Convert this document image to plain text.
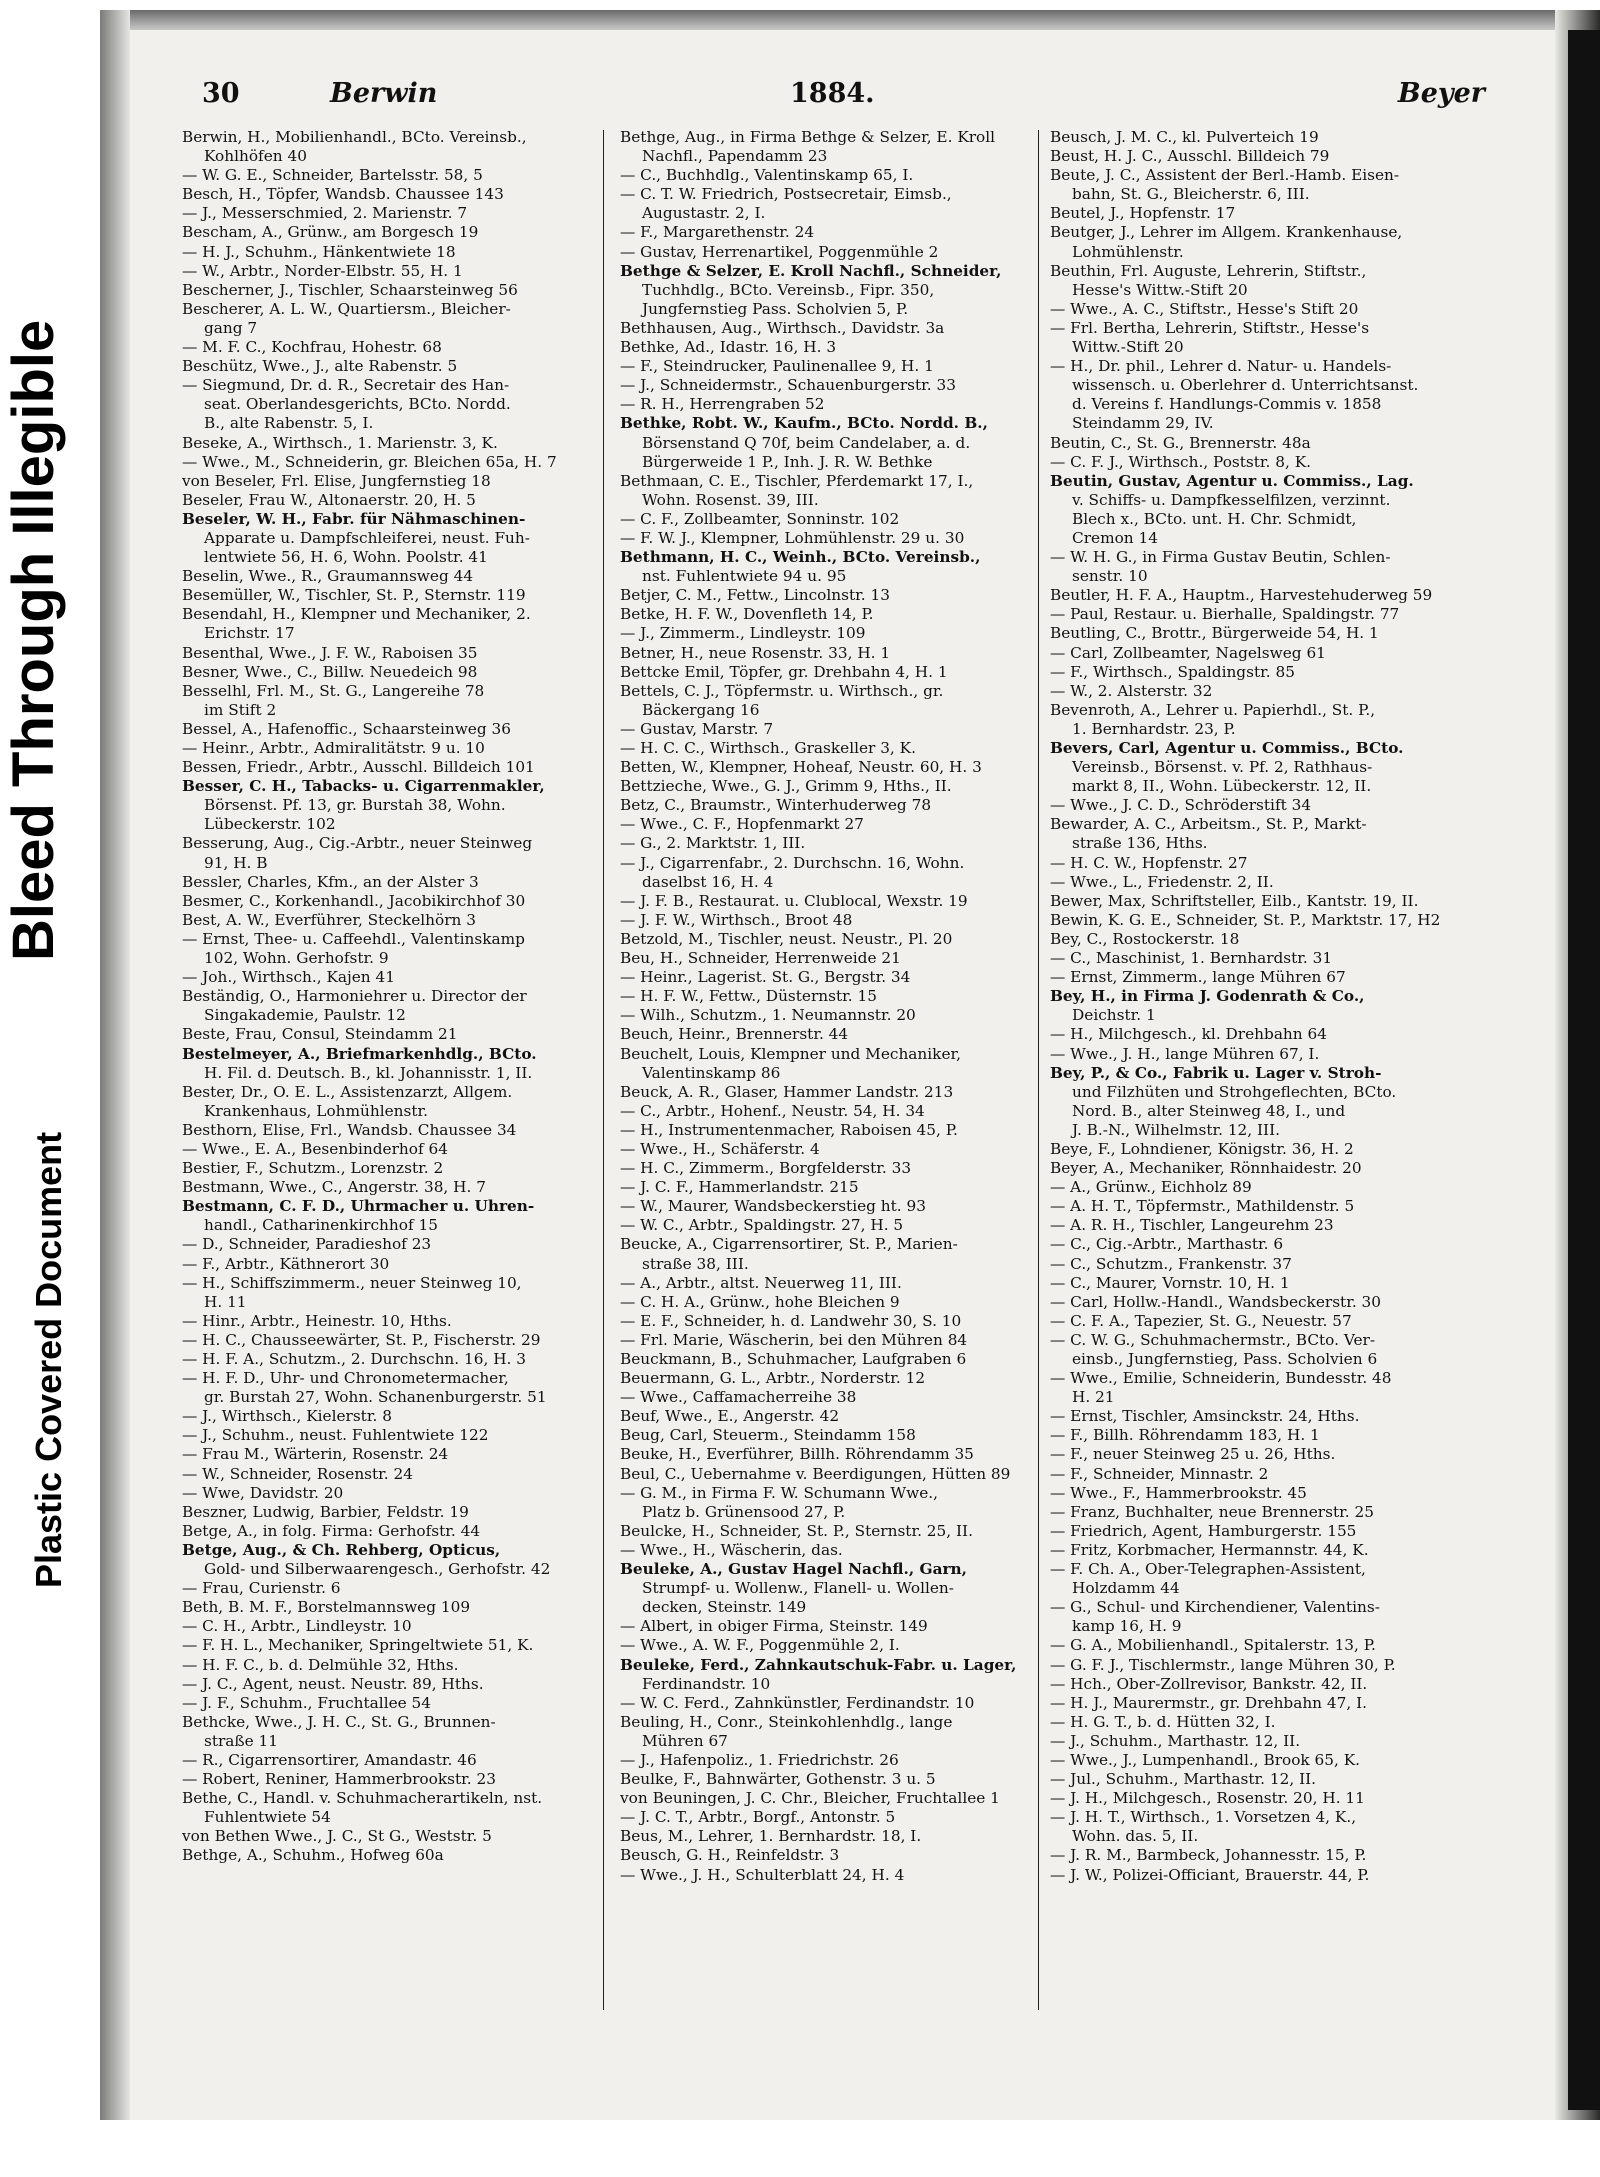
Bleed Through Illegible
Plastic Covered Document
30	Berwin	1884.	Beyer
Berwin, H., Mobilienhandl., BCto. Vereinsb.,
Kohlhöfen 40
— W. G. E., Schneider, Bartelsstr. 58, 5
Besch, H., Töpfer, Wandsb. Chaussee 143
— J., Messerschmied, 2. Marienstr. 7
Bescham, A., Grünw., am Borgesch 19
— H. J., Schuhm., Hänkentwiete 18
— W., Arbtr., Norder-Elbstr. 55, H. 1
Bescherner, J., Tischler, Schaarsteinweg 56
Bescherer, A. L. W., Quartiersm., Bleicher-
gang 7
— M. F. C., Kochfrau, Hohestr. 68
Beschütz, Wwe., J., alte Rabenstr. 5
— Siegmund, Dr. d. R., Secretair des Han-
seat. Oberlandesgerichts, BCto. Nordd.
B., alte Rabenstr. 5, I.
Beseke, A., Wirthsch., 1. Marienstr. 3, K.
— Wwe., M., Schneiderin, gr. Bleichen 65a, H. 7
von Beseler, Frl. Elise, Jungfernstieg 18
Beseler, Frau W., Altonaerstr. 20, H. 5
Beseler, W. H., Fabr. für Nähmaschinen-
Apparate u. Dampfschleiferei, neust. Fuh-
lentwiete 56, H. 6, Wohn. Poolstr. 41
Beselin, Wwe., R., Graumannsweg 44
Besemüller, W., Tischler, St. P., Sternstr. 119
Besendahl, H., Klempner und Mechaniker, 2.
Erichstr. 17
Besenthal, Wwe., J. F. W., Raboisen 35
Besner, Wwe., C., Billw. Neuedeich 98
Besselhl, Frl. M., St. G., Langereihe 78
im Stift 2
Bessel, A., Hafenoffic., Schaarsteinweg 36
— Heinr., Arbtr., Admiralitätstr. 9 u. 10
Bessen, Friedr., Arbtr., Ausschl. Billdeich 101
Besser, C. H., Tabacks- u. Cigarrenmakler,
Börsenst. Pf. 13, gr. Burstah 38, Wohn.
Lübeckerstr. 102
Besserung, Aug., Cig.-Arbtr., neuer Steinweg
91, H. B
Bessler, Charles, Kfm., an der Alster 3
Besmer, C., Korkenhandl., Jacobikirchhof 30
Best, A. W., Everführer, Steckelhörn 3
— Ernst, Thee- u. Caffeehdl., Valentinskamp
102, Wohn. Gerhofstr. 9
— Joh., Wirthsch., Kajen 41
Beständig, O., Harmoniehrer u. Director der
Singakademie, Paulstr. 12
Beste, Frau, Consul, Steindamm 21
Bestelmeyer, A., Briefmarkenhdlg., BCto.
H. Fil. d. Deutsch. B., kl. Johannisstr. 1, II.
Bester, Dr., O. E. L., Assistenzarzt, Allgem.
Krankenhaus, Lohmühlenstr.
Besthorn, Elise, Frl., Wandsb. Chaussee 34
— Wwe., E. A., Besenbinderhof 64
Bestier, F., Schutzm., Lorenzstr. 2
Bestmann, Wwe., C., Angerstr. 38, H. 7
Bestmann, C. F. D., Uhrmacher u. Uhren-
handl., Catharinenkirchhof 15
— D., Schneider, Paradieshof 23
— F., Arbtr., Käthnerort 30
— H., Schiffszimmerm., neuer Steinweg 10,
H. 11
— Hinr., Arbtr., Heinestr. 10, Hths.
— H. C., Chausseewärter, St. P., Fischerstr. 29
— H. F. A., Schutzm., 2. Durchschn. 16, H. 3
— H. F. D., Uhr- und Chronometermacher,
gr. Burstah 27, Wohn. Schanenburgerstr. 51
— J., Wirthsch., Kielerstr. 8
— J., Schuhm., neust. Fuhlentwiete 122
— Frau M., Wärterin, Rosenstr. 24
— W., Schneider, Rosenstr. 24
— Wwe, Davidstr. 20
Beszner, Ludwig, Barbier, Feldstr. 19
Betge, A., in folg. Firma: Gerhofstr. 44
Betge, Aug., & Ch. Rehberg, Opticus,
Gold- und Silberwaarengesch., Gerhofstr. 42
— Frau, Curienstr. 6
Beth, B. M. F., Borstelmannsweg 109
— C. H., Arbtr., Lindleystr. 10
— F. H. L., Mechaniker, Springeltwiete 51, K.
— H. F. C., b. d. Delmühle 32, Hths.
— J. C., Agent, neust. Neustr. 89, Hths.
— J. F., Schuhm., Fruchtallee 54
Bethcke, Wwe., J. H. C., St. G., Brunnen-
straße 11
— R., Cigarrensortirer, Amandastr. 46
— Robert, Reniner, Hammerbrookstr. 23
Bethe, C., Handl. v. Schuhmacherartikeln, nst.
Fuhlentwiete 54
von Bethen Wwe., J. C., St G., Weststr. 5
Bethge, A., Schuhm., Hofweg 60a
Bethge, Aug., in Firma Bethge & Selzer, E. Kroll
Nachfl., Papendamm 23
— C., Buchhdlg., Valentinskamp 65, I.
— C. T. W. Friedrich, Postsecretair, Eimsb.,
Augustastr. 2, I.
— F., Margarethenstr. 24
— Gustav, Herrenartikel, Poggenmühle 2
Bethge & Selzer, E. Kroll Nachfl., Schneider,
Tuchhdlg., BCto. Vereinsb., Fipr. 350,
Jungfernstieg Pass. Scholvien 5, P.
Bethhausen, Aug., Wirthsch., Davidstr. 3a
Bethke, Ad., Idastr. 16, H. 3
— F., Steindrucker, Paulinenallee 9, H. 1
— J., Schneidermstr., Schauenburgerstr. 33
— R. H., Herrengraben 52
Bethke, Robt. W., Kaufm., BCto. Nordd. B.,
Börsenstand Q 70f, beim Candelaber, a. d.
Bürgerweide 1 P., Inh. J. R. W. Bethke
Bethmaan, C. E., Tischler, Pferdemarkt 17, I.,
Wohn. Rosenst. 39, III.
— C. F., Zollbeamter, Sonninstr. 102
— F. W. J., Klempner, Lohmühlenstr. 29 u. 30
Bethmann, H. C., Weinh., BCto. Vereinsb.,
nst. Fuhlentwiete 94 u. 95
Betjer, C. M., Fettw., Lincolnstr. 13
Betke, H. F. W., Dovenfleth 14, P.
— J., Zimmerm., Lindleystr. 109
Betner, H., neue Rosenstr. 33, H. 1
Bettcke Emil, Töpfer, gr. Drehbahn 4, H. 1
Bettels, C. J., Töpfermstr. u. Wirthsch., gr.
Bäckergang 16
— Gustav, Marstr. 7
— H. C. C., Wirthsch., Graskeller 3, K.
Betten, W., Klempner, Hoheaf, Neustr. 60, H. 3
Bettzieche, Wwe., G. J., Grimm 9, Hths., II.
Betz, C., Braumstr., Winterhuderweg 78
— Wwe., C. F., Hopfenmarkt 27
— G., 2. Marktstr. 1, III.
— J., Cigarrenfabr., 2. Durchschn. 16, Wohn.
daselbst 16, H. 4
— J. F. B., Restaurat. u. Clublocal, Wexstr. 19
— J. F. W., Wirthsch., Broot 48
Betzold, M., Tischler, neust. Neustr., Pl. 20
Beu, H., Schneider, Herrenweide 21
— Heinr., Lagerist. St. G., Bergstr. 34
— H. F. W., Fettw., Düsternstr. 15
— Wilh., Schutzm., 1. Neumannstr. 20
Beuch, Heinr., Brennerstr. 44
Beuchelt, Louis, Klempner und Mechaniker,
Valentinskamp 86
Beuck, A. R., Glaser, Hammer Landstr. 213
— C., Arbtr., Hohenf., Neustr. 54, H. 34
— H., Instrumentenmacher, Raboisen 45, P.
— Wwe., H., Schäferstr. 4
— H. C., Zimmerm., Borgfelderstr. 33
— J. C. F., Hammerlandstr. 215
— W., Maurer, Wandsbeckerstieg ht. 93
— W. C., Arbtr., Spaldingstr. 27, H. 5
Beucke, A., Cigarrensortirer, St. P., Marien-
straße 38, III.
— A., Arbtr., altst. Neuerweg 11, III.
— C. H. A., Grünw., hohe Bleichen 9
— E. F., Schneider, h. d. Landwehr 30, S. 10
— Frl. Marie, Wäscherin, bei den Mühren 84
Beuckmann, B., Schuhmacher, Laufgraben 6
Beuermann, G. L., Arbtr., Norderstr. 12
— Wwe., Caffamacherreihe 38
Beuf, Wwe., E., Angerstr. 42
Beug, Carl, Steuerm., Steindamm 158
Beuke, H., Everführer, Billh. Röhrendamm 35
Beul, C., Uebernahme v. Beerdigungen, Hütten 89
— G. M., in Firma F. W. Schumann Wwe.,
Platz b. Grünensood 27, P.
Beulcke, H., Schneider, St. P., Sternstr. 25, II.
— Wwe., H., Wäscherin, das.
Beuleke, A., Gustav Hagel Nachfl., Garn,
Strumpf- u. Wollenw., Flanell- u. Wollen-
decken, Steinstr. 149
— Albert, in obiger Firma, Steinstr. 149
— Wwe., A. W. F., Poggenmühle 2, I.
Beuleke, Ferd., Zahnkautschuk-Fabr. u. Lager,
Ferdinandstr. 10
— W. C. Ferd., Zahnkünstler, Ferdinandstr. 10
Beuling, H., Conr., Steinkohlenhdlg., lange
Mühren 67
— J., Hafenpoliz., 1. Friedrichstr. 26
Beulke, F., Bahnwärter, Gothenstr. 3 u. 5
von Beuningen, J. C. Chr., Bleicher, Fruchtallee 1
— J. C. T., Arbtr., Borgf., Antonstr. 5
Beus, M., Lehrer, 1. Bernhardstr. 18, I.
Beusch, G. H., Reinfeldstr. 3
— Wwe., J. H., Schulterblatt 24, H. 4
Beusch, J. M. C., kl. Pulverteich 19
Beust, H. J. C., Ausschl. Billdeich 79
Beute, J. C., Assistent der Berl.-Hamb. Eisen-
bahn, St. G., Bleicherstr. 6, III.
Beutel, J., Hopfenstr. 17
Beutger, J., Lehrer im Allgem. Krankenhause,
Lohmühlenstr.
Beuthin, Frl. Auguste, Lehrerin, Stiftstr.,
Hesse's Wittw.-Stift 20
— Wwe., A. C., Stiftstr., Hesse's Stift 20
— Frl. Bertha, Lehrerin, Stiftstr., Hesse's
Wittw.-Stift 20
— H., Dr. phil., Lehrer d. Natur- u. Handels-
wissensch. u. Oberlehrer d. Unterrichtsanst.
d. Vereins f. Handlungs-Commis v. 1858
Steindamm 29, IV.
Beutin, C., St. G., Brennerstr. 48a
— C. F. J., Wirthsch., Poststr. 8, K.
Beutin, Gustav, Agentur u. Commiss., Lag.
v. Schiffs- u. Dampfkesselfilzen, verzinnt.
Blech x., BCto. unt. H. Chr. Schmidt,
Cremon 14
— W. H. G., in Firma Gustav Beutin, Schlen-
senstr. 10
Beutler, H. F. A., Hauptm., Harvestehuderweg 59
— Paul, Restaur. u. Bierhalle, Spaldingstr. 77
Beutling, C., Brottr., Bürgerweide 54, H. 1
— Carl, Zollbeamter, Nagelsweg 61
— F., Wirthsch., Spaldingstr. 85
— W., 2. Alsterstr. 32
Bevenroth, A., Lehrer u. Papierhdl., St. P.,
1. Bernhardstr. 23, P.
Bevers, Carl, Agentur u. Commiss., BCto.
Vereinsb., Börsenst. v. Pf. 2, Rathhaus-
markt 8, II., Wohn. Lübeckerstr. 12, II.
— Wwe., J. C. D., Schröderstift 34
Bewarder, A. C., Arbeitsm., St. P., Markt-
straße 136, Hths.
— H. C. W., Hopfenstr. 27
— Wwe., L., Friedenstr. 2, II.
Bewer, Max, Schriftsteller, Eilb., Kantstr. 19, II.
Bewin, K. G. E., Schneider, St. P., Marktstr. 17, H2
Bey, C., Rostockerstr. 18
— C., Maschinist, 1. Bernhardstr. 31
— Ernst, Zimmerm., lange Mühren 67
Bey, H., in Firma J. Godenrath & Co.,
Deichstr. 1
— H., Milchgesch., kl. Drehbahn 64
— Wwe., J. H., lange Mühren 67, I.
Bey, P., & Co., Fabrik u. Lager v. Stroh-
und Filzhüten und Strohgeflechten, BCto.
Nord. B., alter Steinweg 48, I., und
J. B.-N., Wilhelmstr. 12, III.
Beye, F., Lohndiener, Königstr. 36, H. 2
Beyer, A., Mechaniker, Rönnhaidestr. 20
— A., Grünw., Eichholz 89
— A. H. T., Töpfermstr., Mathildenstr. 5
— A. R. H., Tischler, Langeurehm 23
— C., Cig.-Arbtr., Marthastr. 6
— C., Schutzm., Frankenstr. 37
— C., Maurer, Vornstr. 10, H. 1
— Carl, Hollw.-Handl., Wandsbeckerstr. 30
— C. F. A., Tapezier, St. G., Neuestr. 57
— C. W. G., Schuhmachermstr., BCto. Ver-
einsb., Jungfernstieg, Pass. Scholvien 6
— Wwe., Emilie, Schneiderin, Bundesstr. 48
H. 21
— Ernst, Tischler, Amsinckstr. 24, Hths.
— F., Billh. Röhrendamm 183, H. 1
— F., neuer Steinweg 25 u. 26, Hths.
— F., Schneider, Minnastr. 2
— Wwe., F., Hammerbrookstr. 45
— Franz, Buchhalter, neue Brennerstr. 25
— Friedrich, Agent, Hamburgerstr. 155
— Fritz, Korbmacher, Hermannstr. 44, K.
— F. Ch. A., Ober-Telegraphen-Assistent,
Holzdamm 44
— G., Schul- und Kirchendiener, Valentins-
kamp 16, H. 9
— G. A., Mobilienhandl., Spitalerstr. 13, P.
— G. F. J., Tischlermstr., lange Mühren 30, P.
— Hch., Ober-Zollrevisor, Bankstr. 42, II.
— H. J., Maurermstr., gr. Drehbahn 47, I.
— H. G. T., b. d. Hütten 32, I.
— J., Schuhm., Marthastr. 12, II.
— Wwe., J., Lumpenhandl., Brook 65, K.
— Jul., Schuhm., Marthastr. 12, II.
— J. H., Milchgesch., Rosenstr. 20, H. 11
— J. H. T., Wirthsch., 1. Vorsetzen 4, K.,
Wohn. das. 5, II.
— J. R. M., Barmbeck, Johannesstr. 15, P.
— J. W., Polizei-Officiant, Brauerstr. 44, P.
